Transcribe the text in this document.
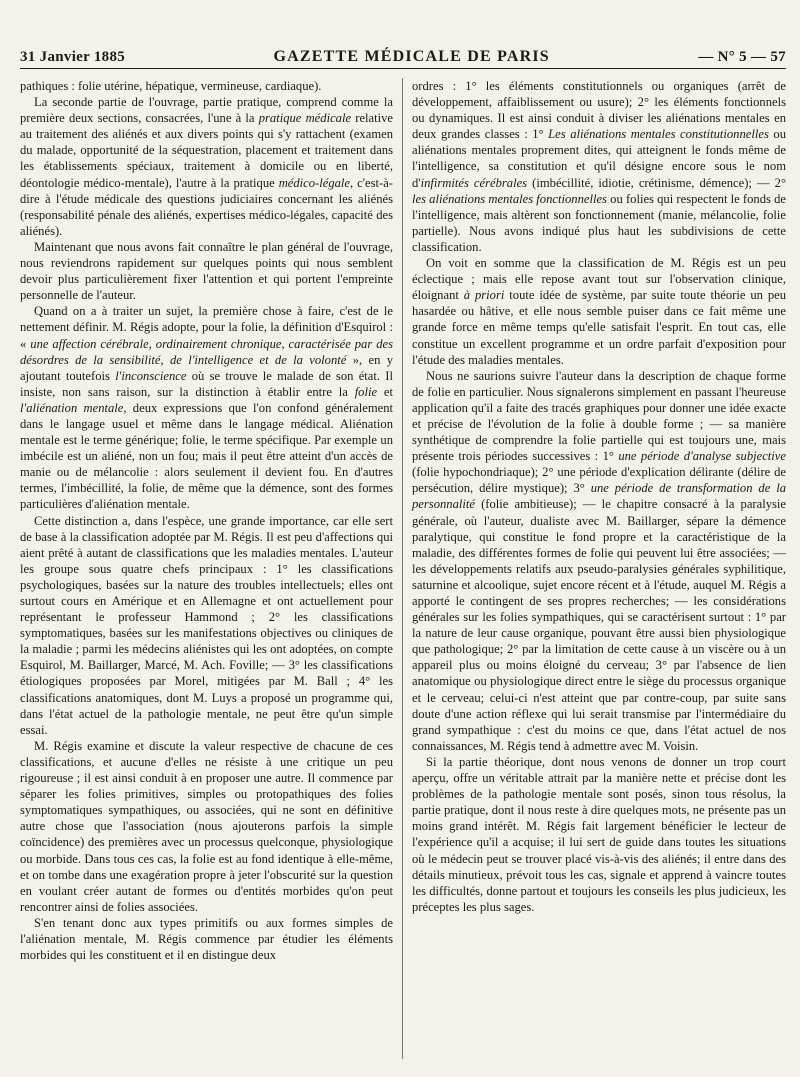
31 Janvier 1885	GAZETTE MÉDICALE DE PARIS	— N° 5 — 57

pathiques : folie utérine, hépatique, vermineuse, cardiaque).

La seconde partie de l'ouvrage, partie pratique, comprend comme la première deux sections, consacrées, l'une à la pratique médicale relative au traitement des aliénés et aux divers points qui s'y rattachent (examen du malade, opportunité de la séquestration, placement et traitement dans les établissements spéciaux, traitement à domicile ou en liberté, déontologie médico-mentale), l'autre à la pratique médico-légale, c'est-à-dire à l'étude médicale des questions judiciaires concernant les aliénés (responsabilité pénale des aliénés, expertises médico-légales, capacité des aliénés).

Maintenant que nous avons fait connaître le plan général de l'ouvrage, nous reviendrons rapidement sur quelques points qui nous semblent devoir plus particulièrement fixer l'attention et qui portent l'empreinte personnelle de l'auteur.

Quand on a à traiter un sujet, la première chose à faire, c'est de le nettement définir. M. Régis adopte, pour la folie, la définition d'Esquirol : « une affection cérébrale, ordinairement chronique, caractérisée par des désordres de la sensibilité, de l'intelligence et de la volonté », en y ajoutant toutefois l'inconscience où se trouve le malade de son état. Il insiste, non sans raison, sur la distinction à établir entre la folie et l'aliénation mentale, deux expressions que l'on confond généralement dans le langage usuel et même dans le langage médical. Aliénation mentale est le terme générique; folie, le terme spécifique. Par exemple un imbécile est un aliéné, non un fou; mais il peut être atteint d'un accès de manie ou de mélancolie : alors seulement il devient fou. En d'autres termes, l'imbécillité, la folie, de même que la démence, sont des formes particulières d'aliénation mentale.

Cette distinction a, dans l'espèce, une grande importance, car elle sert de base à la classification adoptée par M. Régis. Il est peu d'affections qui aient prêté à autant de classifications que les maladies mentales. L'auteur les groupe sous quatre chefs principaux : 1° les classifications psychologiques, basées sur la nature des troubles intellectuels; elles ont surtout cours en Amérique et en Allemagne et ont actuellement pour représentant le professeur Hammond ; 2° les classifications symptomatiques, basées sur les manifestations objectives ou cliniques de la maladie ; parmi les médecins aliénistes qui les ont adoptées, on compte Esquirol, M. Baillarger, Marcé, M. Ach. Foville; — 3° les classifications étiologiques proposées par Morel, mitigées par M. Ball ; 4° les classifications anatomiques, dont M. Luys a proposé un programme qui, dans l'état actuel de la pathologie mentale, ne peut être qu'un simple essai.

M. Régis examine et discute la valeur respective de chacune de ces classifications, et aucune d'elles ne résiste à une critique un peu rigoureuse ; il est ainsi conduit à en proposer une autre. Il commence par séparer les folies primitives, simples ou protopathiques des folies symptomatiques sympathiques, ou associées, qui ne sont en définitive autre chose que l'association (nous ajouterons parfois la simple coïncidence) des premières avec un processus quelconque, physiologique ou morbide. Dans tous ces cas, la folie est au fond identique à elle-même, et on tombe dans une exagération propre à jeter l'obscurité sur la question en voulant créer autant de formes ou d'entités morbides qu'on peut rencontrer ainsi de folies associées.

S'en tenant donc aux types primitifs ou aux formes simples de l'aliénation mentale, M. Régis commence par étudier les éléments morbides qui les constituent et il en distingue deux

ordres : 1° les éléments constitutionnels ou organiques (arrêt de développement, affaiblissement ou usure); 2° les éléments fonctionnels ou dynamiques. Il est ainsi conduit à diviser les aliénations mentales en deux grandes classes : 1° Les aliénations mentales constitutionnelles ou aliénations mentales proprement dites, qui atteignent le fonds même de l'intelligence, sa constitution et qu'il désigne encore sous le nom d'infirmités cérébrales (imbécillité, idiotie, crétinisme, démence); — 2° les aliénations mentales fonctionnelles ou folies qui respectent le fonds de l'intelligence, mais altèrent son fonctionnement (manie, mélancolie, folie partielle). Nous avons indiqué plus haut les subdivisions de cette classification.

On voit en somme que la classification de M. Régis est un peu éclectique ; mais elle repose avant tout sur l'observation clinique, éloignant à priori toute idée de système, par suite toute théorie un peu hasardée ou hâtive, et elle nous semble puiser dans ce fait même une grande force en même temps qu'elle satisfait l'esprit. En tout cas, elle constitue un excellent programme et un ordre parfait d'exposition pour l'étude des maladies mentales.

Nous ne saurions suivre l'auteur dans la description de chaque forme de folie en particulier. Nous signalerons simplement en passant l'heureuse application qu'il a faite des tracés graphiques pour donner une idée exacte et précise de l'évolution de la folie à double forme ; — sa manière synthétique de comprendre la folie partielle qui est toujours une, mais présente trois périodes successives : 1° une période d'analyse subjective (folie hypochondriaque); 2° une période d'explication délirante (délire de persécution, délire mystique); 3° une période de transformation de la personnalité (folie ambitieuse); — le chapitre consacré à la paralysie générale, où l'auteur, dualiste avec M. Baillarger, sépare la démence paralytique, qui constitue le fond propre et la caractéristique de la maladie, des différentes formes de folie qui peuvent lui être associées; — les développements relatifs aux pseudo-paralysies générales syphilitique, saturnine et alcoolique, sujet encore récent et à l'étude, auquel M. Régis a apporté le contingent de ses propres recherches; — les considérations générales sur les folies sympathiques, qui se caractérisent surtout : 1° par la nature de leur cause organique, pouvant être aussi bien physiologique que pathologique; 2° par la limitation de cette cause à un viscère ou à un appareil plus ou moins éloigné du cerveau; 3° par l'absence de lien anatomique ou physiologique direct entre le siège du processus organique et le cerveau; celui-ci n'est atteint que par contre-coup, par suite sans doute d'une action réflexe qui lui serait transmise par l'intermédiaire du grand sympathique : c'est du moins ce que, dans l'état actuel de nos connaissances, M. Régis tend à admettre avec M. Voisin.

Si la partie théorique, dont nous venons de donner un trop court aperçu, offre un véritable attrait par la manière nette et précise dont les problèmes de la pathologie mentale sont posés, sinon tous résolus, la partie pratique, dont il nous reste à dire quelques mots, ne présente pas un moins grand intérêt. M. Régis fait largement bénéficier le lecteur de l'expérience qu'il a acquise; il lui sert de guide dans toutes les situations où le médecin peut se trouver placé vis-à-vis des aliénés; il entre dans des détails minutieux, prévoit tous les cas, signale et apprend à vaincre toutes les difficultés, donne partout et toujours les conseils les plus judicieux, les préceptes les plus sages.
